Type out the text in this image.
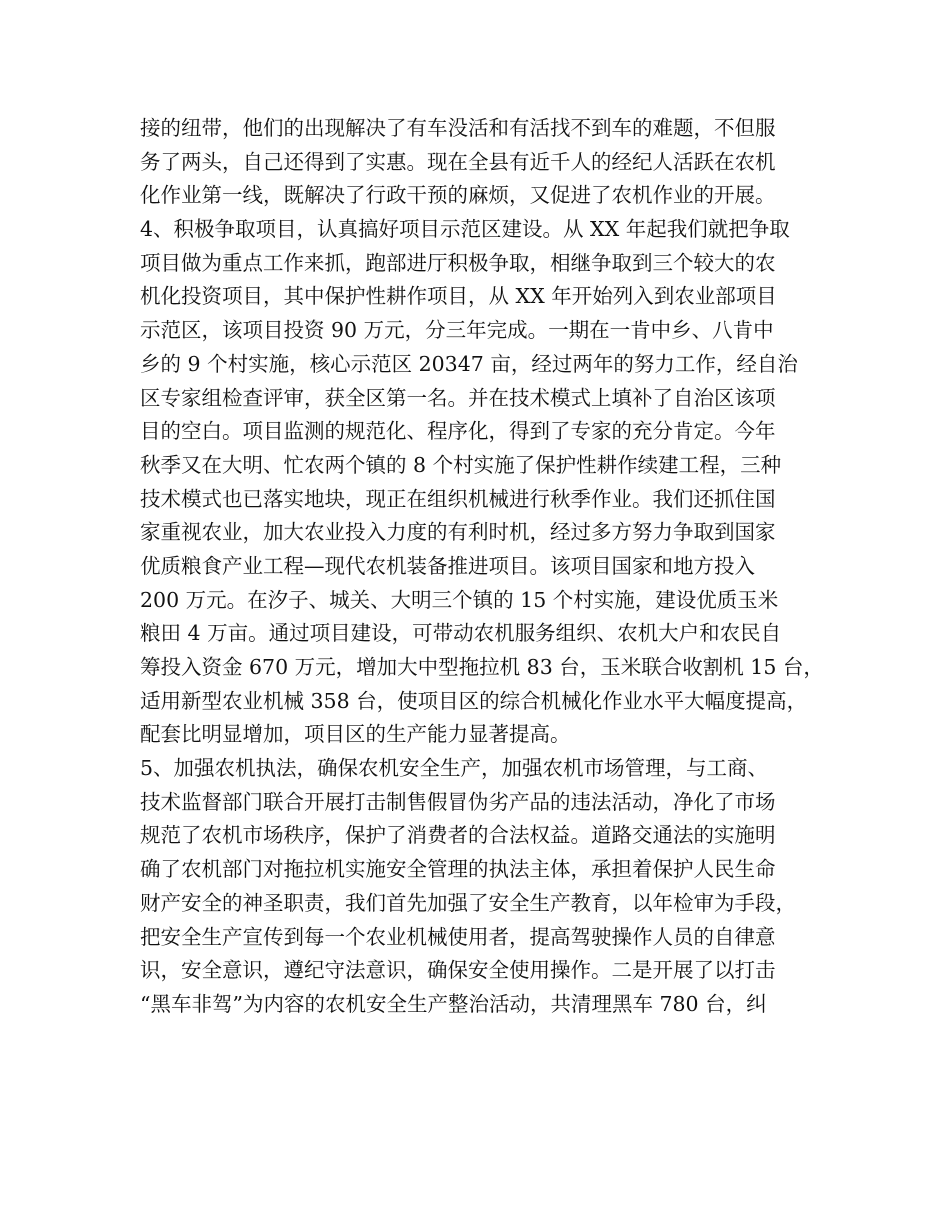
接的纽带，他们的出现解决了有车没活和有活找不到车的难题，不但服
务了两头，自己还得到了实惠。现在全县有近千人的经纪人活跃在农机
化作业第一线，既解决了行政干预的麻烦，又促进了农机作业的开展。
4、积极争取项目，认真搞好项目示范区建设。从 XX 年起我们就把争取
项目做为重点工作来抓，跑部进厅积极争取，相继争取到三个较大的农
机化投资项目，其中保护性耕作项目，从 XX 年开始列入到农业部项目
示范区，该项目投资 90 万元，分三年完成。一期在一肯中乡、八肯中
乡的 9 个村实施，核心示范区 20347 亩，经过两年的努力工作，经自治
区专家组检查评审，获全区第一名。并在技术模式上填补了自治区该项
目的空白。项目监测的规范化、程序化，得到了专家的充分肯定。今年
秋季又在大明、忙农两个镇的 8 个村实施了保护性耕作续建工程，三种
技术模式也已落实地块，现正在组织机械进行秋季作业。我们还抓住国
家重视农业，加大农业投入力度的有利时机，经过多方努力争取到国家
优质粮食产业工程—现代农机装备推进项目。该项目国家和地方投入
200 万元。在汐子、城关、大明三个镇的 15 个村实施，建设优质玉米
粮田 4 万亩。通过项目建设，可带动农机服务组织、农机大户和农民自
筹投入资金 670 万元，增加大中型拖拉机 83 台，玉米联合收割机 15 台，
适用新型农业机械 358 台，使项目区的综合机械化作业水平大幅度提高，
配套比明显增加，项目区的生产能力显著提高。
5、加强农机执法，确保农机安全生产，加强农机市场管理，与工商、
技术监督部门联合开展打击制售假冒伪劣产品的违法活动，净化了市场
规范了农机市场秩序，保护了消费者的合法权益。道路交通法的实施明
确了农机部门对拖拉机实施安全管理的执法主体，承担着保护人民生命
财产安全的神圣职责，我们首先加强了安全生产教育，以年检审为手段，
把安全生产宣传到每一个农业机械使用者，提高驾驶操作人员的自律意
识，安全意识，遵纪守法意识，确保安全使用操作。二是开展了以打击
“黑车非驾”为内容的农机安全生产整治活动，共清理黑车 780 台，纠
